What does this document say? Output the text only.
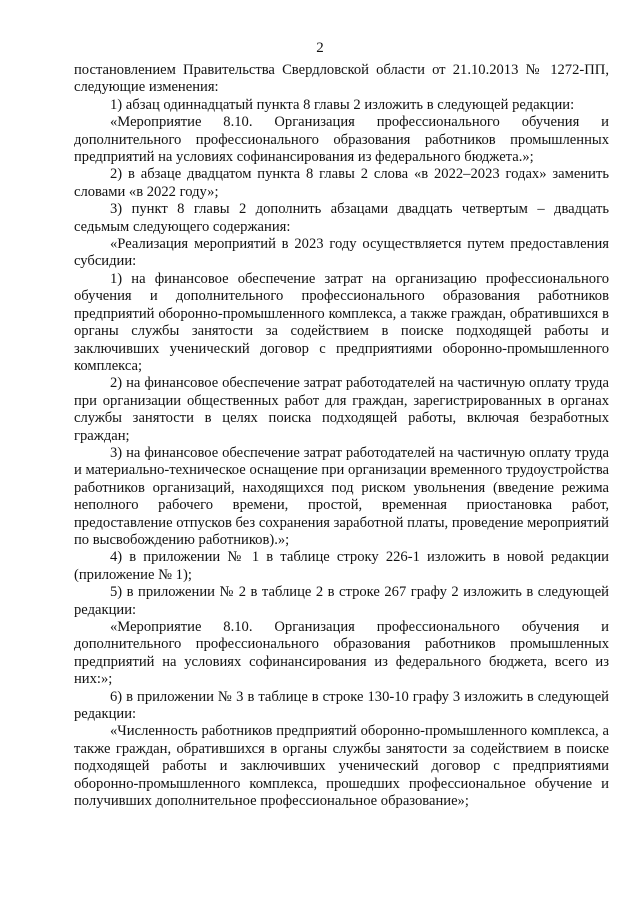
2

постановлением Правительства Свердловской области от 21.10.2013 № 1272-ПП, следующие изменения:

1) абзац одиннадцатый пункта 8 главы 2 изложить в следующей редакции:

«Мероприятие 8.10. Организация профессионального обучения и дополнительного профессионального образования работников промышленных предприятий на условиях софинансирования из федерального бюджета.»;

2) в абзаце двадцатом пункта 8 главы 2 слова «в 2022–2023 годах» заменить словами «в 2022 году»;

3) пункт 8 главы 2 дополнить абзацами двадцать четвертым – двадцать седьмым следующего содержания:

«Реализация мероприятий в 2023 году осуществляется путем предоставления субсидии:

1) на финансовое обеспечение затрат на организацию профессионального обучения и дополнительного профессионального образования работников предприятий оборонно-промышленного комплекса, а также граждан, обратившихся в органы службы занятости за содействием в поиске подходящей работы и заключивших ученический договор с предприятиями оборонно-промышленного комплекса;

2) на финансовое обеспечение затрат работодателей на частичную оплату труда при организации общественных работ для граждан, зарегистрированных в органах службы занятости в целях поиска подходящей работы, включая безработных граждан;

3) на финансовое обеспечение затрат работодателей на частичную оплату труда и материально-техническое оснащение при организации временного трудоустройства работников организаций, находящихся под риском увольнения (введение режима неполного рабочего времени, простой, временная приостановка работ, предоставление отпусков без сохранения заработной платы, проведение мероприятий по высвобождению работников).»;

4) в приложении № 1 в таблице строку 226-1 изложить в новой редакции (приложение № 1);

5) в приложении № 2 в таблице 2 в строке 267 графу 2 изложить в следующей редакции:

«Мероприятие 8.10. Организация профессионального обучения и дополнительного профессионального образования работников промышленных предприятий на условиях софинансирования из федерального бюджета, всего из них:»;

6) в приложении № 3 в таблице в строке 130-10 графу 3 изложить в следующей редакции:

«Численность работников предприятий оборонно-промышленного комплекса, а также граждан, обратившихся в органы службы занятости за содействием в поиске подходящей работы и заключивших ученический договор с предприятиями оборонно-промышленного комплекса, прошедших профессиональное обучение и получивших дополнительное профессиональное образование»;
